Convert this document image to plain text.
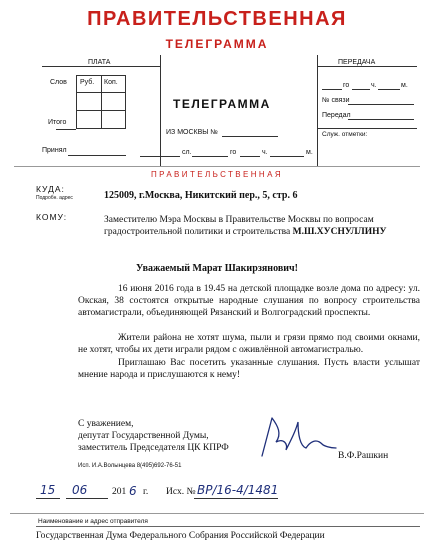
ПРАВИТЕЛЬСТВЕННАЯ
ТЕЛЕГРАММА
ПЛАТА
Слов Руб. Коп.
Итого
Принял
ТЕЛЕГРАММА
ИЗ МОСКВЫ №
сл.	го	ч.	м.
ПЕРЕДАЧА
го	ч.	м.
№ связи
Передал
Служ. отметки:
ПРАВИТЕЛЬСТВЕННАЯ
КУДА:
Подробн. адрес	125009, г.Москва, Никитский пер., 5, стр. 6
КОМУ:	Заместителю Мэра Москвы в Правительстве Москвы по вопросам градостроительной политики и строительства М.Ш.ХУСНУЛЛИНУ
Уважаемый Марат Шакирзянович!
16 июня 2016 года в 19.45 на детской площадке возле дома по адресу: ул. Окская, 38 состоятся открытые народные слушания по вопросу строительства автомагистрали, объединяющей Рязанский и Волгоградский проспекты.
Жители района не хотят шума, пыли и грязи прямо под своими окнами, не хотят, чтобы их дети играли рядом с оживлённой автомагистралью.
Приглашаю Вас посетить указанные слушания. Пусть власти услышат мнение народа и прислушаются к нему!
С уважением,
депутат Государственной Думы,
заместитель Председателя ЦК КПРФ
В.Ф.Рашкин
Исп. И.А.Волынцева 8(495)692-76-51
15 06	201 6 г. Исх. № ВР/16-4/1481
Наименование и адрес отправителя
Государственная Дума Федерального Собрания Российской Федерации
